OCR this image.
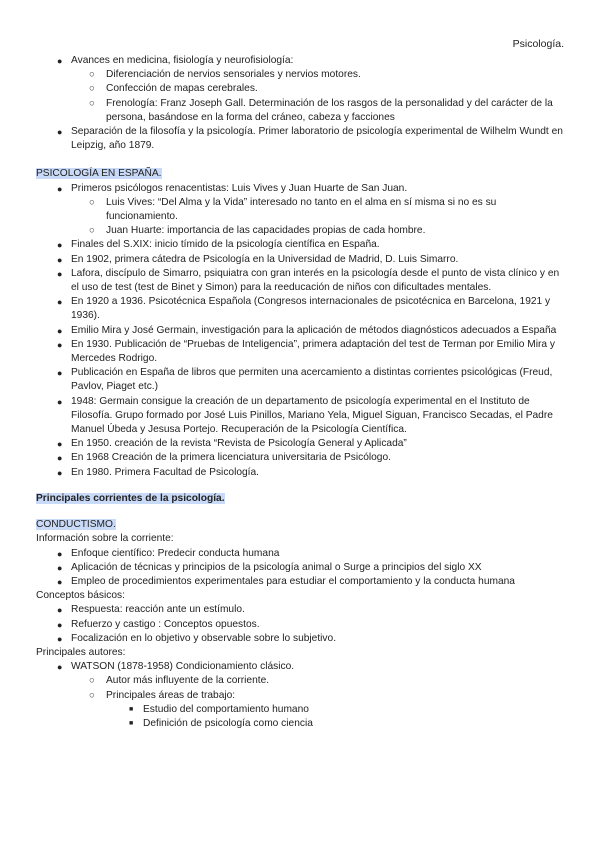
Psicología.
● Avances en medicina, fisiología y neurofisiología:
○ Diferenciación de nervios sensoriales y nervios motores.
○ Confección de mapas cerebrales.
○ Frenología: Franz Joseph Gall. Determinación de los rasgos de la personalidad y del carácter de la persona, basándose en la forma del cráneo, cabeza y facciones
● Separación de la filosofía y la psicología. Primer laboratorio de psicología experimental de Wilhelm Wundt en Leipzig, año 1879.
PSICOLOGÍA EN ESPAÑA.
● Primeros psicólogos renacentistas: Luis Vives y Juan Huarte de San Juan.
○ Luis Vives: “Del Alma y la Vida” interesado no tanto en el alma en sí misma si no es su funcionamiento.
○ Juan Huarte: importancia de las capacidades propias de cada hombre.
● Finales del S.XIX: inicio tímido de la psicología científica en España.
● En 1902, primera cátedra de Psicología en la Universidad de Madrid, D. Luis Simarro.
● Lafora, discípulo de Simarro, psiquiatra con gran interés en la psicología desde el punto de vista clínico y en el uso de test (test de Binet y Simon) para la reeducación de niños con dificultades mentales.
● En 1920 a 1936. Psicotécnica Española (Congresos internacionales de psicotécnica en Barcelona, 1921 y 1936).
● Emilio Mira y José Germain, investigación para la aplicación de métodos diagnósticos adecuados a España
● En 1930. Publicación de “Pruebas de Inteligencia”, primera adaptación del test de Terman por Emilio Mira y Mercedes Rodrigo.
● Publicación en España de libros que permiten una acercamiento a distintas corrientes psicológicas (Freud, Pavlov, Piaget etc.)
● 1948: Germain consigue la creación de un departamento de psicología experimental en el Instituto de Filosofía. Grupo formado por José Luis Pinillos, Mariano Yela, Miguel Siguan, Francisco Secadas, el Padre Manuel Úbeda y Jesusa Portejo. Recuperación de la Psicología Científica.
● En 1950. creación de la revista “Revista de Psicología General y Aplicada”
● En 1968 Creación de la primera licenciatura universitaria de Psicólogo.
● En 1980. Primera Facultad de Psicología.
Principales corrientes de la psicología.
CONDUCTISMO.
Información sobre la corriente:
● Enfoque científico: Predecir conducta humana
● Aplicación de técnicas y principios de la psicología animal o Surge a principios del siglo XX
● Empleo de procedimientos experimentales para estudiar el comportamiento y la conducta humana
Conceptos básicos:
● Respuesta: reacción ante un estímulo.
● Refuerzo y castigo : Conceptos opuestos.
● Focalización en lo objetivo y observable sobre lo subjetivo.
Principales autores:
● WATSON (1878-1958) Condicionamiento clásico.
○ Autor más influyente de la corriente.
○ Principales áreas de trabajo:
■ Estudio del comportamiento humano
■ Definición de psicología como ciencia
